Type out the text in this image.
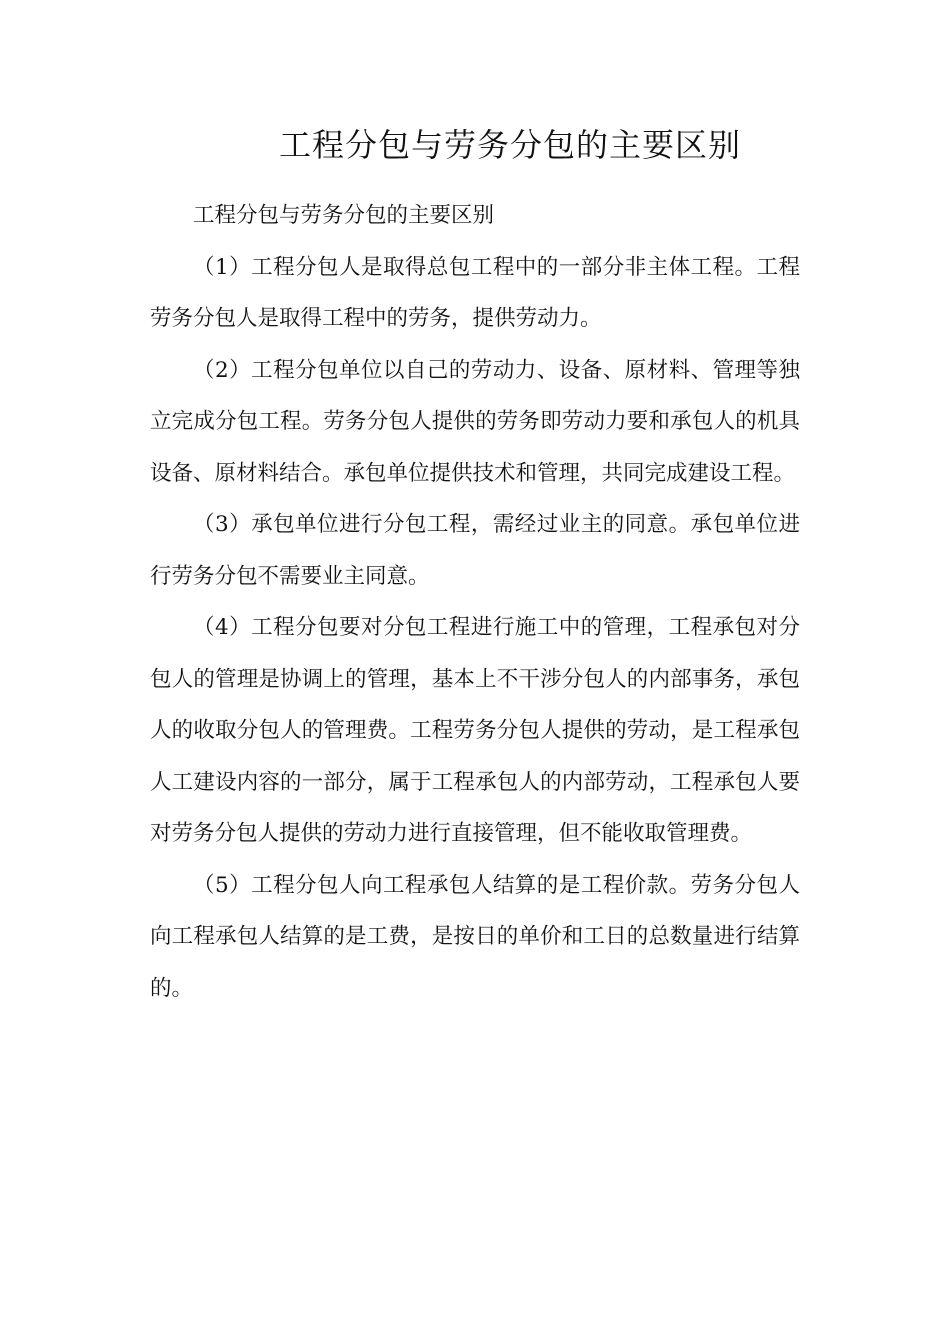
工程分包与劳务分包的主要区别

工程分包与劳务分包的主要区别

（1）工程分包人是取得总包工程中的一部分非主体工程。工程劳务分包人是取得工程中的劳务，提供劳动力。

（2）工程分包单位以自己的劳动力、设备、原材料、管理等独立完成分包工程。劳务分包人提供的劳务即劳动力要和承包人的机具设备、原材料结合。承包单位提供技术和管理，共同完成建设工程。

（3）承包单位进行分包工程，需经过业主的同意。承包单位进行劳务分包不需要业主同意。

（4）工程分包要对分包工程进行施工中的管理，工程承包对分包人的管理是协调上的管理，基本上不干涉分包人的内部事务，承包人的收取分包人的管理费。工程劳务分包人提供的劳动，是工程承包人工建设内容的一部分，属于工程承包人的内部劳动，工程承包人要对劳务分包人提供的劳动力进行直接管理，但不能收取管理费。

（5）工程分包人向工程承包人结算的是工程价款。劳务分包人向工程承包人结算的是工费，是按日的单价和工日的总数量进行结算的。
